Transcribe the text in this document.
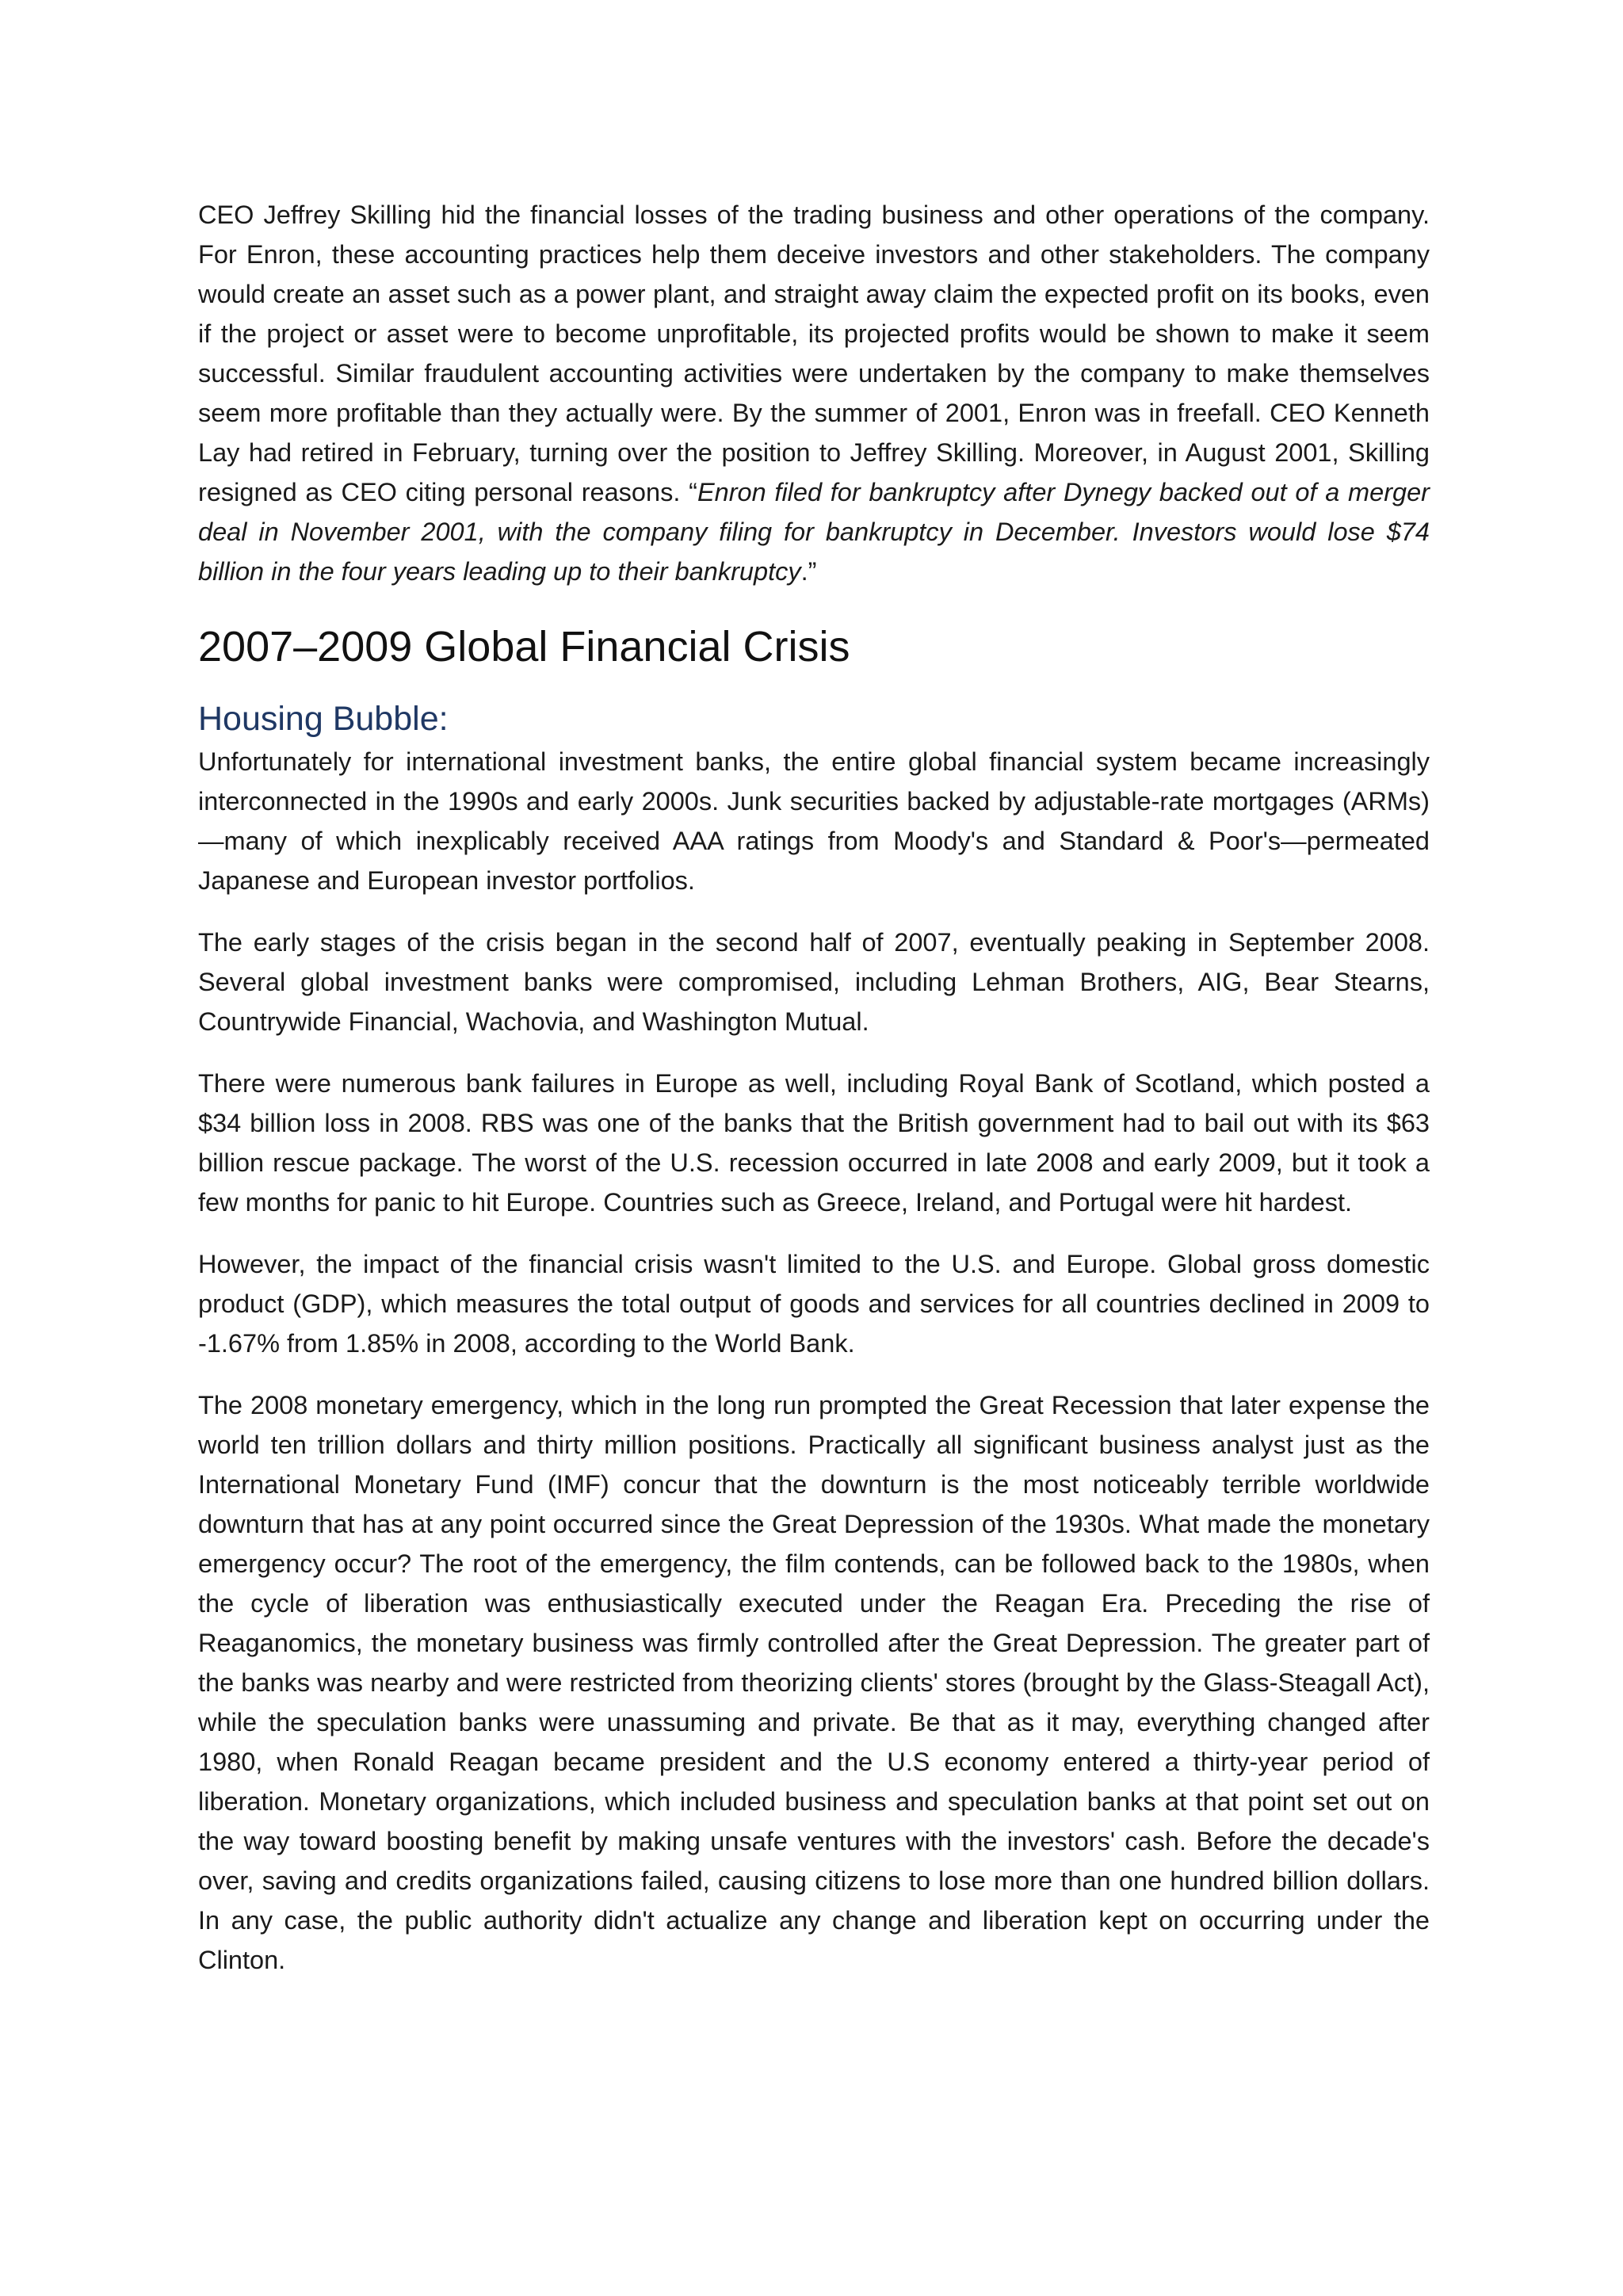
CEO Jeffrey Skilling hid the financial losses of the trading business and other operations of the company. For Enron, these accounting practices help them deceive investors and other stakeholders. The company would create an asset such as a power plant, and straight away claim the expected profit on its books, even if the project or asset were to become unprofitable, its projected profits would be shown to make it seem successful. Similar fraudulent accounting activities were undertaken by the company to make themselves seem more profitable than they actually were. By the summer of 2001, Enron was in freefall. CEO Kenneth Lay had retired in February, turning over the position to Jeffrey Skilling. Moreover, in August 2001, Skilling resigned as CEO citing personal reasons. “Enron filed for bankruptcy after Dynegy backed out of a merger deal in November 2001, with the company filing for bankruptcy in December. Investors would lose $74 billion in the four years leading up to their bankruptcy.”

2007–2009 Global Financial Crisis
Housing Bubble:

Unfortunately for international investment banks, the entire global financial system became increasingly interconnected in the 1990s and early 2000s. Junk securities backed by adjustable-rate mortgages (ARMs)—many of which inexplicably received AAA ratings from Moody's and Standard & Poor's—permeated Japanese and European investor portfolios.

The early stages of the crisis began in the second half of 2007, eventually peaking in September 2008. Several global investment banks were compromised, including Lehman Brothers, AIG, Bear Stearns, Countrywide Financial, Wachovia, and Washington Mutual.

There were numerous bank failures in Europe as well, including Royal Bank of Scotland, which posted a $34 billion loss in 2008. RBS was one of the banks that the British government had to bail out with its $63 billion rescue package. The worst of the U.S. recession occurred in late 2008 and early 2009, but it took a few months for panic to hit Europe. Countries such as Greece, Ireland, and Portugal were hit hardest.

However, the impact of the financial crisis wasn't limited to the U.S. and Europe. Global gross domestic product (GDP), which measures the total output of goods and services for all countries declined in 2009 to -1.67% from 1.85% in 2008, according to the World Bank.

The 2008 monetary emergency, which in the long run prompted the Great Recession that later expense the world ten trillion dollars and thirty million positions. Practically all significant business analyst just as the International Monetary Fund (IMF) concur that the downturn is the most noticeably terrible worldwide downturn that has at any point occurred since the Great Depression of the 1930s. What made the monetary emergency occur? The root of the emergency, the film contends, can be followed back to the 1980s, when the cycle of liberation was enthusiastically executed under the Reagan Era. Preceding the rise of Reaganomics, the monetary business was firmly controlled after the Great Depression. The greater part of the banks was nearby and were restricted from theorizing clients' stores (brought by the Glass-Steagall Act), while the speculation banks were unassuming and private. Be that as it may, everything changed after 1980, when Ronald Reagan became president and the U.S economy entered a thirty-year period of liberation. Monetary organizations, which included business and speculation banks at that point set out on the way toward boosting benefit by making unsafe ventures with the investors' cash. Before the decade's over, saving and credits organizations failed, causing citizens to lose more than one hundred billion dollars. In any case, the public authority didn't actualize any change and liberation kept on occurring under the Clinton.
